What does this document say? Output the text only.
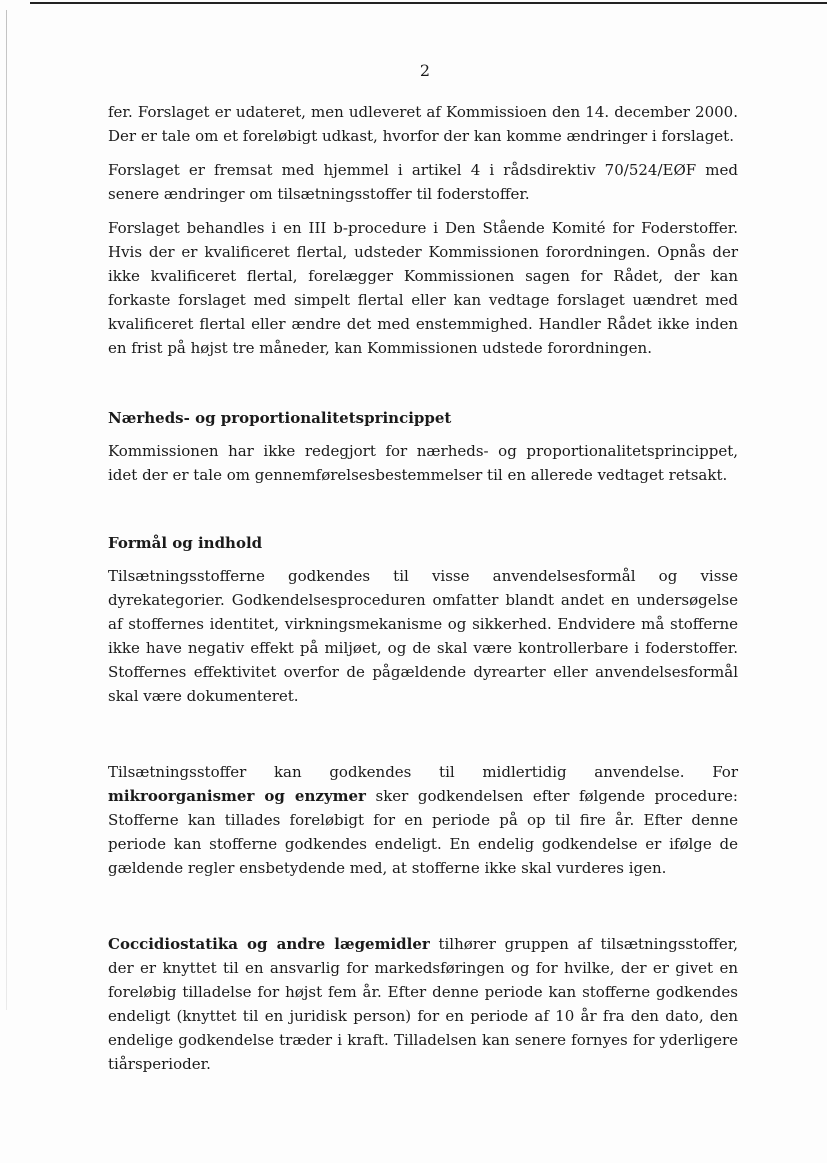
2

fer. Forslaget er udateret, men udleveret af Kommissioen den 14. december 2000. Der er tale om et foreløbigt udkast, hvorfor der kan komme ændringer i forslaget.

Forslaget er fremsat med hjemmel i artikel 4 i rådsdirektiv 70/524/EØF med senere ændringer om tilsætningsstoffer til foderstoffer.

Forslaget behandles i en III b-procedure i Den Stående Komité for Foderstoffer. Hvis der er kvalificeret flertal, udsteder Kommissionen forordningen. Opnås der ikke kvalificeret flertal, forelægger Kommissionen sagen for Rådet, der kan forkaste forslaget med simpelt flertal eller kan vedtage forslaget uændret med kvalificeret flertal eller ændre det med enstemmighed. Handler Rådet ikke inden en frist på højst tre måneder, kan Kommissionen udstede forordningen.

Nærheds- og proportionalitetsprincippet

Kommissionen har ikke redegjort for nærheds- og proportionalitetsprincippet, idet der er tale om gennemførelsesbestemmelser til en allerede vedtaget retsakt.

Formål og indhold

Tilsætningsstofferne godkendes til visse anvendelsesformål og visse dyrekategorier. Godkendelsesproceduren omfatter blandt andet en undersøgelse af stoffernes identitet, virkningsmekanisme og sikkerhed. Endvidere må stofferne ikke have negativ effekt på miljøet, og de skal være kontrollerbare i foderstoffer. Stoffernes effektivitet overfor de pågældende dyrearter eller anvendelsesformål skal være dokumenteret.

Tilsætningsstoffer kan godkendes til midlertidig anvendelse. For mikroorganismer og enzymer sker godkendelsen efter følgende procedure: Stofferne kan tillades foreløbigt for en periode på op til fire år. Efter denne periode kan stofferne godkendes endeligt. En endelig godkendelse er ifølge de gældende regler ensbetydende med, at stofferne ikke skal vurderes igen.

Coccidiostatika og andre lægemidler tilhører gruppen af tilsætningsstoffer, der er knyttet til en ansvarlig for markedsføringen og for hvilke, der er givet en foreløbig tilladelse for højst fem år. Efter denne periode kan stofferne godkendes endeligt (knyttet til en juridisk person) for en periode af 10 år fra den dato, den endelige godkendelse træder i kraft. Tilladelsen kan senere fornyes for yderligere tiårsperioder.
